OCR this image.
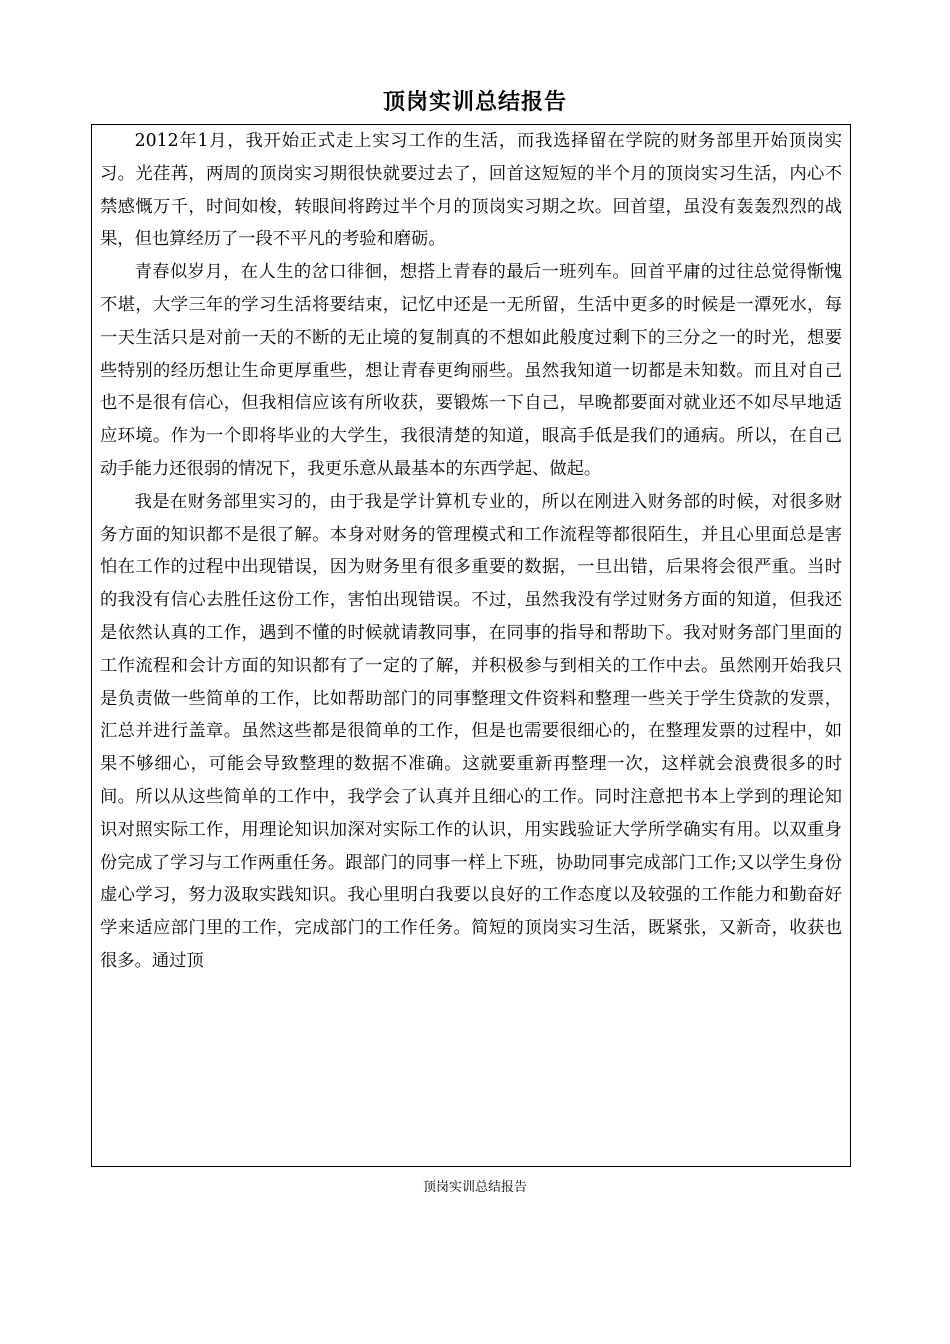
顶岗实训总结报告

2012年1月，我开始正式走上实习工作的生活，而我选择留在学院的财务部里开始顶岗实习。光荏苒，两周的顶岗实习期很快就要过去了，回首这短短的半个月的顶岗实习生活，内心不禁感慨万千，时间如梭，转眼间将跨过半个月的顶岗实习期之坎。回首望，虽没有轰轰烈烈的战果，但也算经历了一段不平凡的考验和磨砺。

青春似岁月，在人生的岔口徘徊，想搭上青春的最后一班列车。回首平庸的过往总觉得惭愧不堪，大学三年的学习生活将要结束，记忆中还是一无所留，生活中更多的时候是一潭死水，每一天生活只是对前一天的不断的无止境的复制真的不想如此般度过剩下的三分之一的时光，想要些特别的经历想让生命更厚重些，想让青春更绚丽些。虽然我知道一切都是未知数。而且对自己也不是很有信心，但我相信应该有所收获，要锻炼一下自己，早晚都要面对就业还不如尽早地适应环境。作为一个即将毕业的大学生，我很清楚的知道，眼高手低是我们的通病。所以，在自己动手能力还很弱的情况下，我更乐意从最基本的东西学起、做起。

我是在财务部里实习的，由于我是学计算机专业的，所以在刚进入财务部的时候，对很多财务方面的知识都不是很了解。本身对财务的管理模式和工作流程等都很陌生，并且心里面总是害怕在工作的过程中出现错误，因为财务里有很多重要的数据，一旦出错，后果将会很严重。当时的我没有信心去胜任这份工作，害怕出现错误。不过，虽然我没有学过财务方面的知道，但我还是依然认真的工作，遇到不懂的时候就请教同事，在同事的指导和帮助下。我对财务部门里面的工作流程和会计方面的知识都有了一定的了解，并积极参与到相关的工作中去。虽然刚开始我只是负责做一些简单的工作，比如帮助部门的同事整理文件资料和整理一些关于学生贷款的发票，汇总并进行盖章。虽然这些都是很简单的工作，但是也需要很细心的，在整理发票的过程中，如果不够细心，可能会导致整理的数据不准确。这就要重新再整理一次，这样就会浪费很多的时间。所以从这些简单的工作中，我学会了认真并且细心的工作。同时注意把书本上学到的理论知识对照实际工作，用理论知识加深对实际工作的认识，用实践验证大学所学确实有用。以双重身份完成了学习与工作两重任务。跟部门的同事一样上下班，协助同事完成部门工作;又以学生身份虚心学习，努力汲取实践知识。我心里明白我要以良好的工作态度以及较强的工作能力和勤奋好学来适应部门里的工作，完成部门的工作任务。简短的顶岗实习生活，既紧张，又新奇，收获也很多。通过顶

顶岗实训总结报告
